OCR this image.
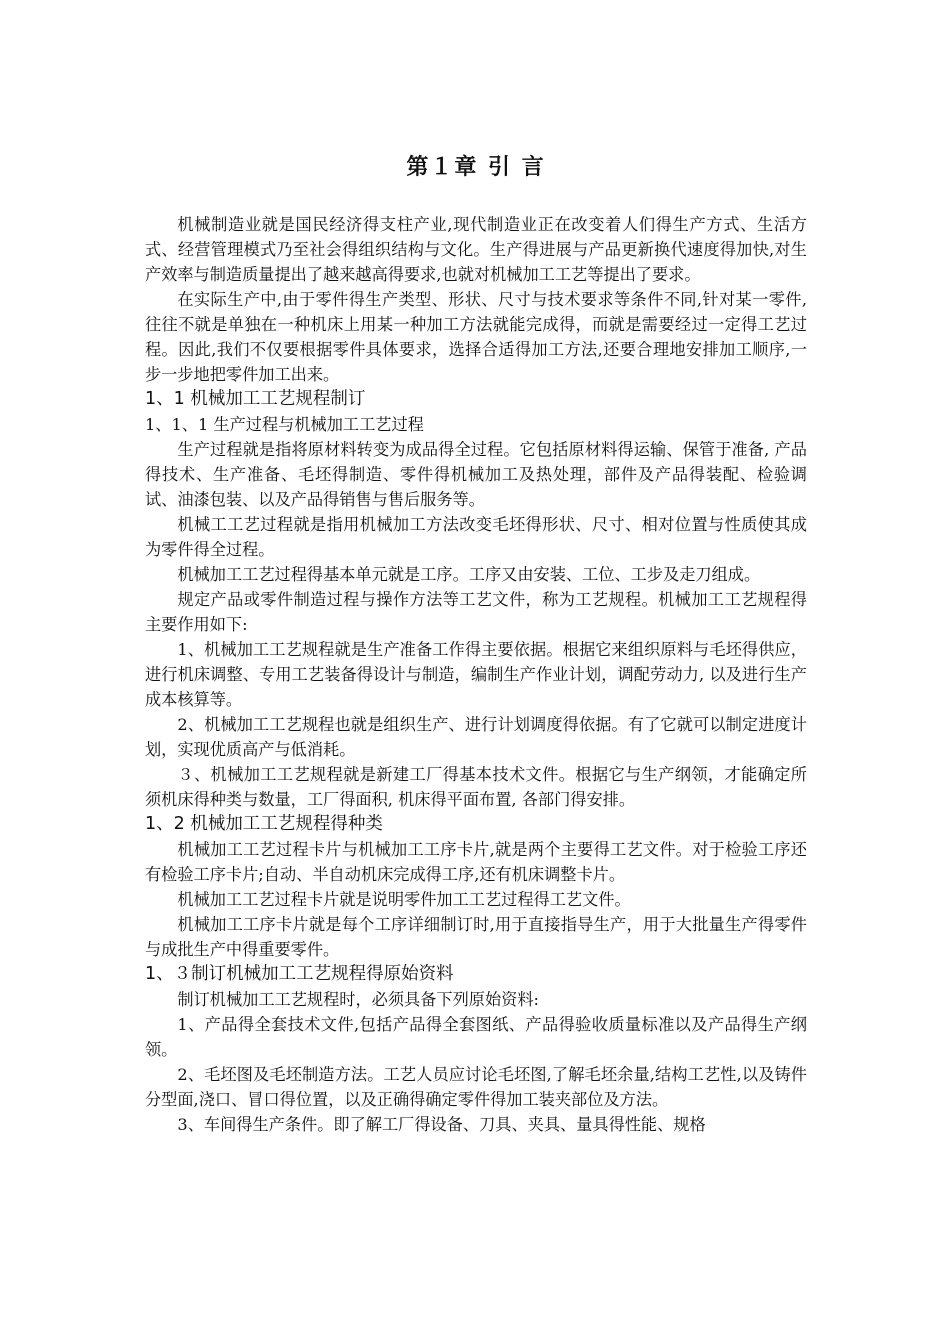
第１章 引 言

机械制造业就是国民经济得支柱产业,现代制造业正在改变着人们得生产方式、生活方式、经营管理模式乃至社会得组织结构与文化。生产得进展与产品更新换代速度得加快,对生产效率与制造质量提出了越来越高得要求,也就对机械加工工艺等提出了要求。

在实际生产中,由于零件得生产类型、形状、尺寸与技术要求等条件不同,针对某一零件,往往不就是单独在一种机床上用某一种加工方法就能完成得，而就是需要经过一定得工艺过程。因此,我们不仅要根据零件具体要求，选择合适得加工方法,还要合理地安排加工顺序,一步一步地把零件加工出来。

1、1 机械加工工艺规程制订
1、1、1 生产过程与机械加工工艺过程

生产过程就是指将原材料转变为成品得全过程。它包括原材料得运输、保管于准备, 产品得技术、生产准备、毛坯得制造、零件得机械加工及热处理，部件及产品得装配、检验调试、油漆包装、以及产品得销售与售后服务等。

机械工工艺过程就是指用机械加工方法改变毛坯得形状、尺寸、相对位置与性质使其成为零件得全过程。

机械加工工艺过程得基本单元就是工序。工序又由安装、工位、工步及走刀组成。

规定产品或零件制造过程与操作方法等工艺文件，称为工艺规程。机械加工工艺规程得主要作用如下:

1、机械加工工艺规程就是生产准备工作得主要依据。根据它来组织原料与毛坯得供应，进行机床调整、专用工艺装备得设计与制造，编制生产作业计划，调配劳动力, 以及进行生产成本核算等。

2、机械加工工艺规程也就是组织生产、进行计划调度得依据。有了它就可以制定进度计划，实现优质高产与低消耗。

３、机械加工工艺规程就是新建工厂得基本技术文件。根据它与生产纲领，才能确定所须机床得种类与数量，工厂得面积, 机床得平面布置, 各部门得安排。

1、2 机械加工工艺规程得种类

机械加工工艺过程卡片与机械加工工序卡片,就是两个主要得工艺文件。对于检验工序还有检验工序卡片;自动、半自动机床完成得工序,还有机床调整卡片。

机械加工工艺过程卡片就是说明零件加工工艺过程得工艺文件。

机械加工工序卡片就是每个工序详细制订时,用于直接指导生产，用于大批量生产得零件与成批生产中得重要零件。

1、３制订机械加工工艺规程得原始资料

制订机械加工工艺规程时，必须具备下列原始资料:

1、产品得全套技术文件,包括产品得全套图纸、产品得验收质量标准以及产品得生产纲领。

2、毛坯图及毛坯制造方法。工艺人员应讨论毛坯图,了解毛坯余量,结构工艺性,以及铸件分型面,浇口、冒口得位置，以及正确得确定零件得加工装夹部位及方法。

3、车间得生产条件。即了解工厂得设备、刀具、夹具、量具得性能、规格
